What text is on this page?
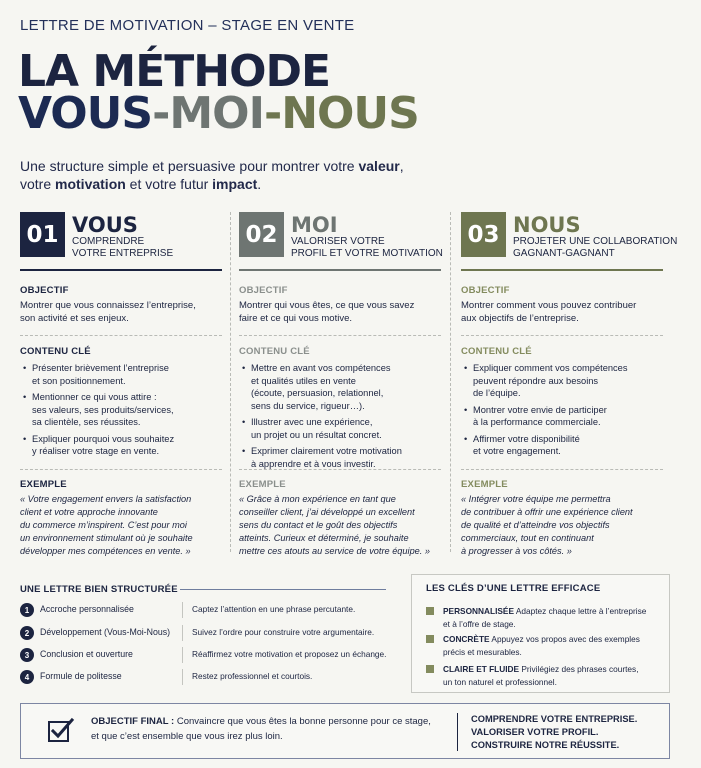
LETTRE DE MOTIVATION – STAGE EN VENTE
LA MÉTHODE
VOUS-MOI-NOUS
Une structure simple et persuasive pour montrer votre valeur,
votre motivation et votre futur impact.
01 VOUS
COMPRENDRE
VOTRE ENTREPRISE
OBJECTIF
Montrer que vous connaissez l’entreprise,
son activité et ses enjeux.
CONTENU CLÉ
• Présenter brièvement l’entreprise
et son positionnement.
• Mentionner ce qui vous attire :
ses valeurs, ses produits/services,
sa clientèle, ses réussites.
• Expliquer pourquoi vous souhaitez
y réaliser votre stage en vente.
EXEMPLE
« Votre engagement envers la satisfaction
client et votre approche innovante
du commerce m’inspirent. C’est pour moi
un environnement stimulant où je souhaite
développer mes compétences en vente. »
02 MOI
VALORISER VOTRE
PROFIL ET VOTRE MOTIVATION
OBJECTIF
Montrer qui vous êtes, ce que vous savez
faire et ce qui vous motive.
CONTENU CLÉ
• Mettre en avant vos compétences
et qualités utiles en vente
(écoute, persuasion, relationnel,
sens du service, rigueur…).
• Illustrer avec une expérience,
un projet ou un résultat concret.
• Exprimer clairement votre motivation
à apprendre et à vous investir.
EXEMPLE
« Grâce à mon expérience en tant que
conseiller client, j’ai développé un excellent
sens du contact et le goût des objectifs
atteints. Curieux et déterminé, je souhaite
mettre ces atouts au service de votre équipe. »
03 NOUS
PROJETER UNE COLLABORATION
GAGNANT-GAGNANT
OBJECTIF
Montrer comment vous pouvez contribuer
aux objectifs de l’entreprise.
CONTENU CLÉ
• Expliquer comment vos compétences
peuvent répondre aux besoins
de l’équipe.
• Montrer votre envie de participer
à la performance commerciale.
• Affirmer votre disponibilité
et votre engagement.
EXEMPLE
« Intégrer votre équipe me permettra
de contribuer à offrir une expérience client
de qualité et d’atteindre vos objectifs
commerciaux, tout en continuant
à progresser à vos côtés. »
UNE LETTRE BIEN STRUCTURÉE
1	Accroche personnalisée	Captez l’attention en une phrase percutante.
2	Développement (Vous-Moi-Nous)	Suivez l’ordre pour construire votre argumentaire.
3	Conclusion et ouverture	Réaffirmez votre motivation et proposez un échange.
4	Formule de politesse	Restez professionnel et courtois.
LES CLÉS D’UNE LETTRE EFFICACE
PERSONNALISÉE Adaptez chaque lettre à l’entreprise
et à l’offre de stage.
CONCRÈTE Appuyez vos propos avec des exemples
précis et mesurables.
CLAIRE ET FLUIDE Privilégiez des phrases courtes,
un ton naturel et professionnel.
OBJECTIF FINAL : Convaincre que vous êtes la bonne personne pour ce stage,
et que c’est ensemble que vous irez plus loin.
COMPRENDRE VOTRE ENTREPRISE.
VALORISER VOTRE PROFIL.
CONSTRUIRE NOTRE RÉUSSITE.
